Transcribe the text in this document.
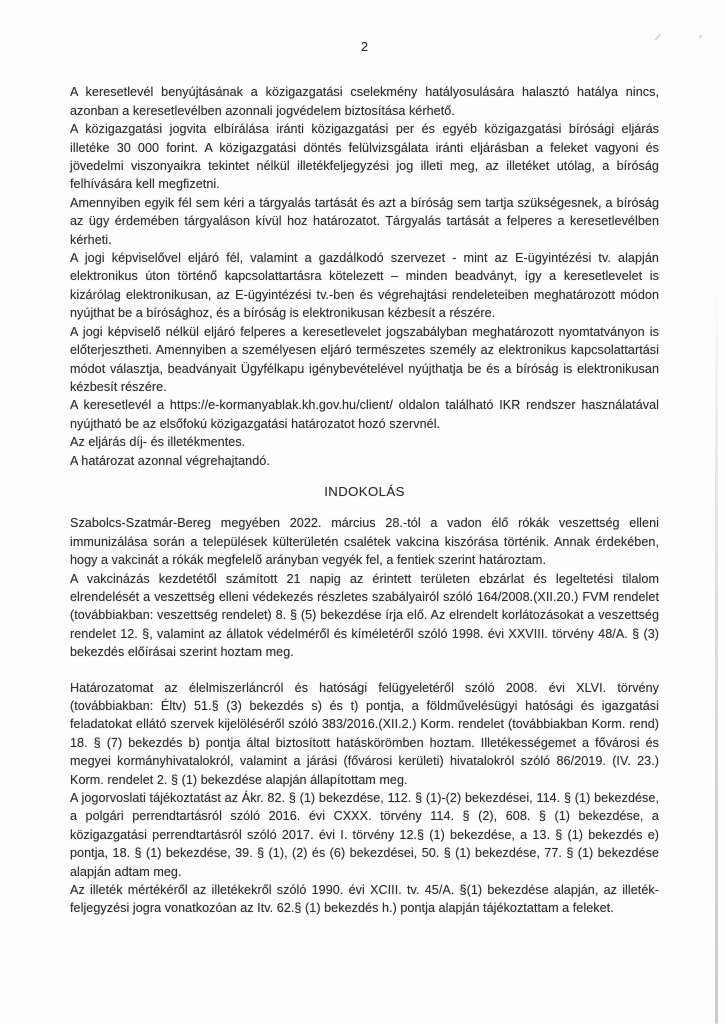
2

A keresetlevél benyújtásának a közigazgatási cselekmény hatályosulására halasztó hatálya nincs, azonban a keresetlevélben azonnali jogvédelem biztosítása kérhető.

A közigazgatási jogvita elbírálása iránti közigazgatási per és egyéb közigazgatási bírósági eljárás illetéke 30 000 forint. A közigazgatási döntés felülvizsgálata iránti eljárásban a feleket vagyoni és jövedelmi viszonyaikra tekintet nélkül illetékfeljegyzési jog illeti meg, az illetéket utólag, a bíróság felhívására kell megfizetni.

Amennyiben egyik fél sem kéri a tárgyalás tartását és azt a bíróság sem tartja szükségesnek, a bíróság az ügy érdemében tárgyaláson kívül hoz határozatot. Tárgyalás tartását a felperes a keresetlevélben kérheti.

A jogi képviselővel eljáró fél, valamint a gazdálkodó szervezet - mint az E-ügyintézési tv. alapján elektronikus úton történő kapcsolattartásra kötelezett – minden beadványt, így a keresetlevelet is kizárólag elektronikusan, az E-ügyintézési tv.-ben és végrehajtási rendeleteiben meghatározott módon nyújthat be a bírósághoz, és a bíróság is elektronikusan kézbesít a részére.

A jogi képviselő nélkül eljáró felperes a keresetlevelet jogszabályban meghatározott nyomtatványon is előterjesztheti. Amennyiben a személyesen eljáró természetes személy az elektronikus kapcsolattartási módot választja, beadványait Ügyfélkapu igénybevételével nyújthatja be és a bíróság is elektronikusan kézbesít részére.

A keresetlevél a https://e-kormanyablak.kh.gov.hu/client/ oldalon található IKR rendszer használatával nyújtható be az elsőfokú közigazgatási határozatot hozó szervnél.

Az eljárás díj- és illetékmentes.

A határozat azonnal végrehajtandó.

INDOKOLÁS

Szabolcs-Szatmár-Bereg megyében 2022. március 28.-tól a vadon élő rókák veszettség elleni immunizálása során a települések külterületén csalétek vakcina kiszórása történik. Annak érdekében, hogy a vakcinát a rókák megfelelő arányban vegyék fel, a fentiek szerint határoztam.

A vakcinázás kezdetétől számított 21 napig az érintett területen ebzárlat és legeltetési tilalom elrendelését a veszettség elleni védekezés részletes szabályairól szóló 164/2008.(XII.20.) FVM rendelet (továbbiakban: veszettség rendelet) 8. § (5) bekezdése írja elő. Az elrendelt korlátozásokat a veszettség rendelet 12. §, valamint az állatok védelméről és kíméletéről szóló 1998. évi XXVIII. törvény 48/A. § (3) bekezdés előírásai szerint hoztam meg.

Határozatomat az élelmiszerláncról és hatósági felügyeletéről szóló 2008. évi XLVI. törvény (továbbiakban: Éltv) 51.§ (3) bekezdés s) és t) pontja, a földművelésügyi hatósági és igazgatási feladatokat ellátó szervek kijelöléséről szóló 383/2016.(XII.2.) Korm. rendelet (továbbiakban Korm. rend) 18. § (7) bekezdés b) pontja által biztosított hatáskörömben hoztam. Illetékességemet a fővárosi és megyei kormányhivatalokról, valamint a járási (fővárosi kerületi) hivatalokról szóló 86/2019. (IV. 23.) Korm. rendelet 2. § (1) bekezdése alapján állapítottam meg.

A jogorvoslati tájékoztatást az Ákr. 82. § (1) bekezdése, 112. § (1)-(2) bekezdései, 114. § (1) bekezdése, a polgári perrendtartásról szóló 2016. évi CXXX. törvény 114. § (2), 608. § (1) bekezdése, a közigazgatási perrendtartásról szóló 2017. évi I. törvény 12.§ (1) bekezdése, a 13. § (1) bekezdés e) pontja, 18. § (1) bekezdése, 39. § (1), (2) és (6) bekezdései, 50. § (1) bekezdése, 77. § (1) bekezdése alapján adtam meg.

Az illeték mértékéről az illetékekről szóló 1990. évi XCIII. tv. 45/A. §(1) bekezdése alapján, az illeték-feljegyzési jogra vonatkozóan az Itv. 62.§ (1) bekezdés h.) pontja alapján tájékoztattam a feleket.
